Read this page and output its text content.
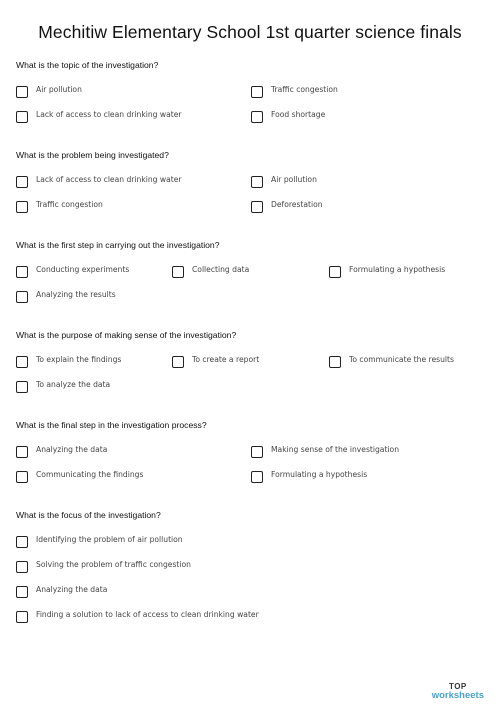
Mechitiw Elementary School 1st quarter science finals
What is the topic of the investigation?
Air pollution	Traffic congestion
Lack of access to clean drinking water	Food shortage
What is the problem being investigated?
Lack of access to clean drinking water	Air pollution
Traffic congestion	Deforestation
What is the first step in carrying out the investigation?
Conducting experiments	Collecting data	Formulating a hypothesis
Analyzing the results
What is the purpose of making sense of the investigation?
To explain the findings	To create a report	To communicate the results
To analyze the data
What is the final step in the investigation process?
Analyzing the data	Making sense of the investigation
Communicating the findings	Formulating a hypothesis
What is the focus of the investigation?
Identifying the problem of air pollution
Solving the problem of traffic congestion
Analyzing the data
Finding a solution to lack of access to clean drinking water
TOP
worksheets
